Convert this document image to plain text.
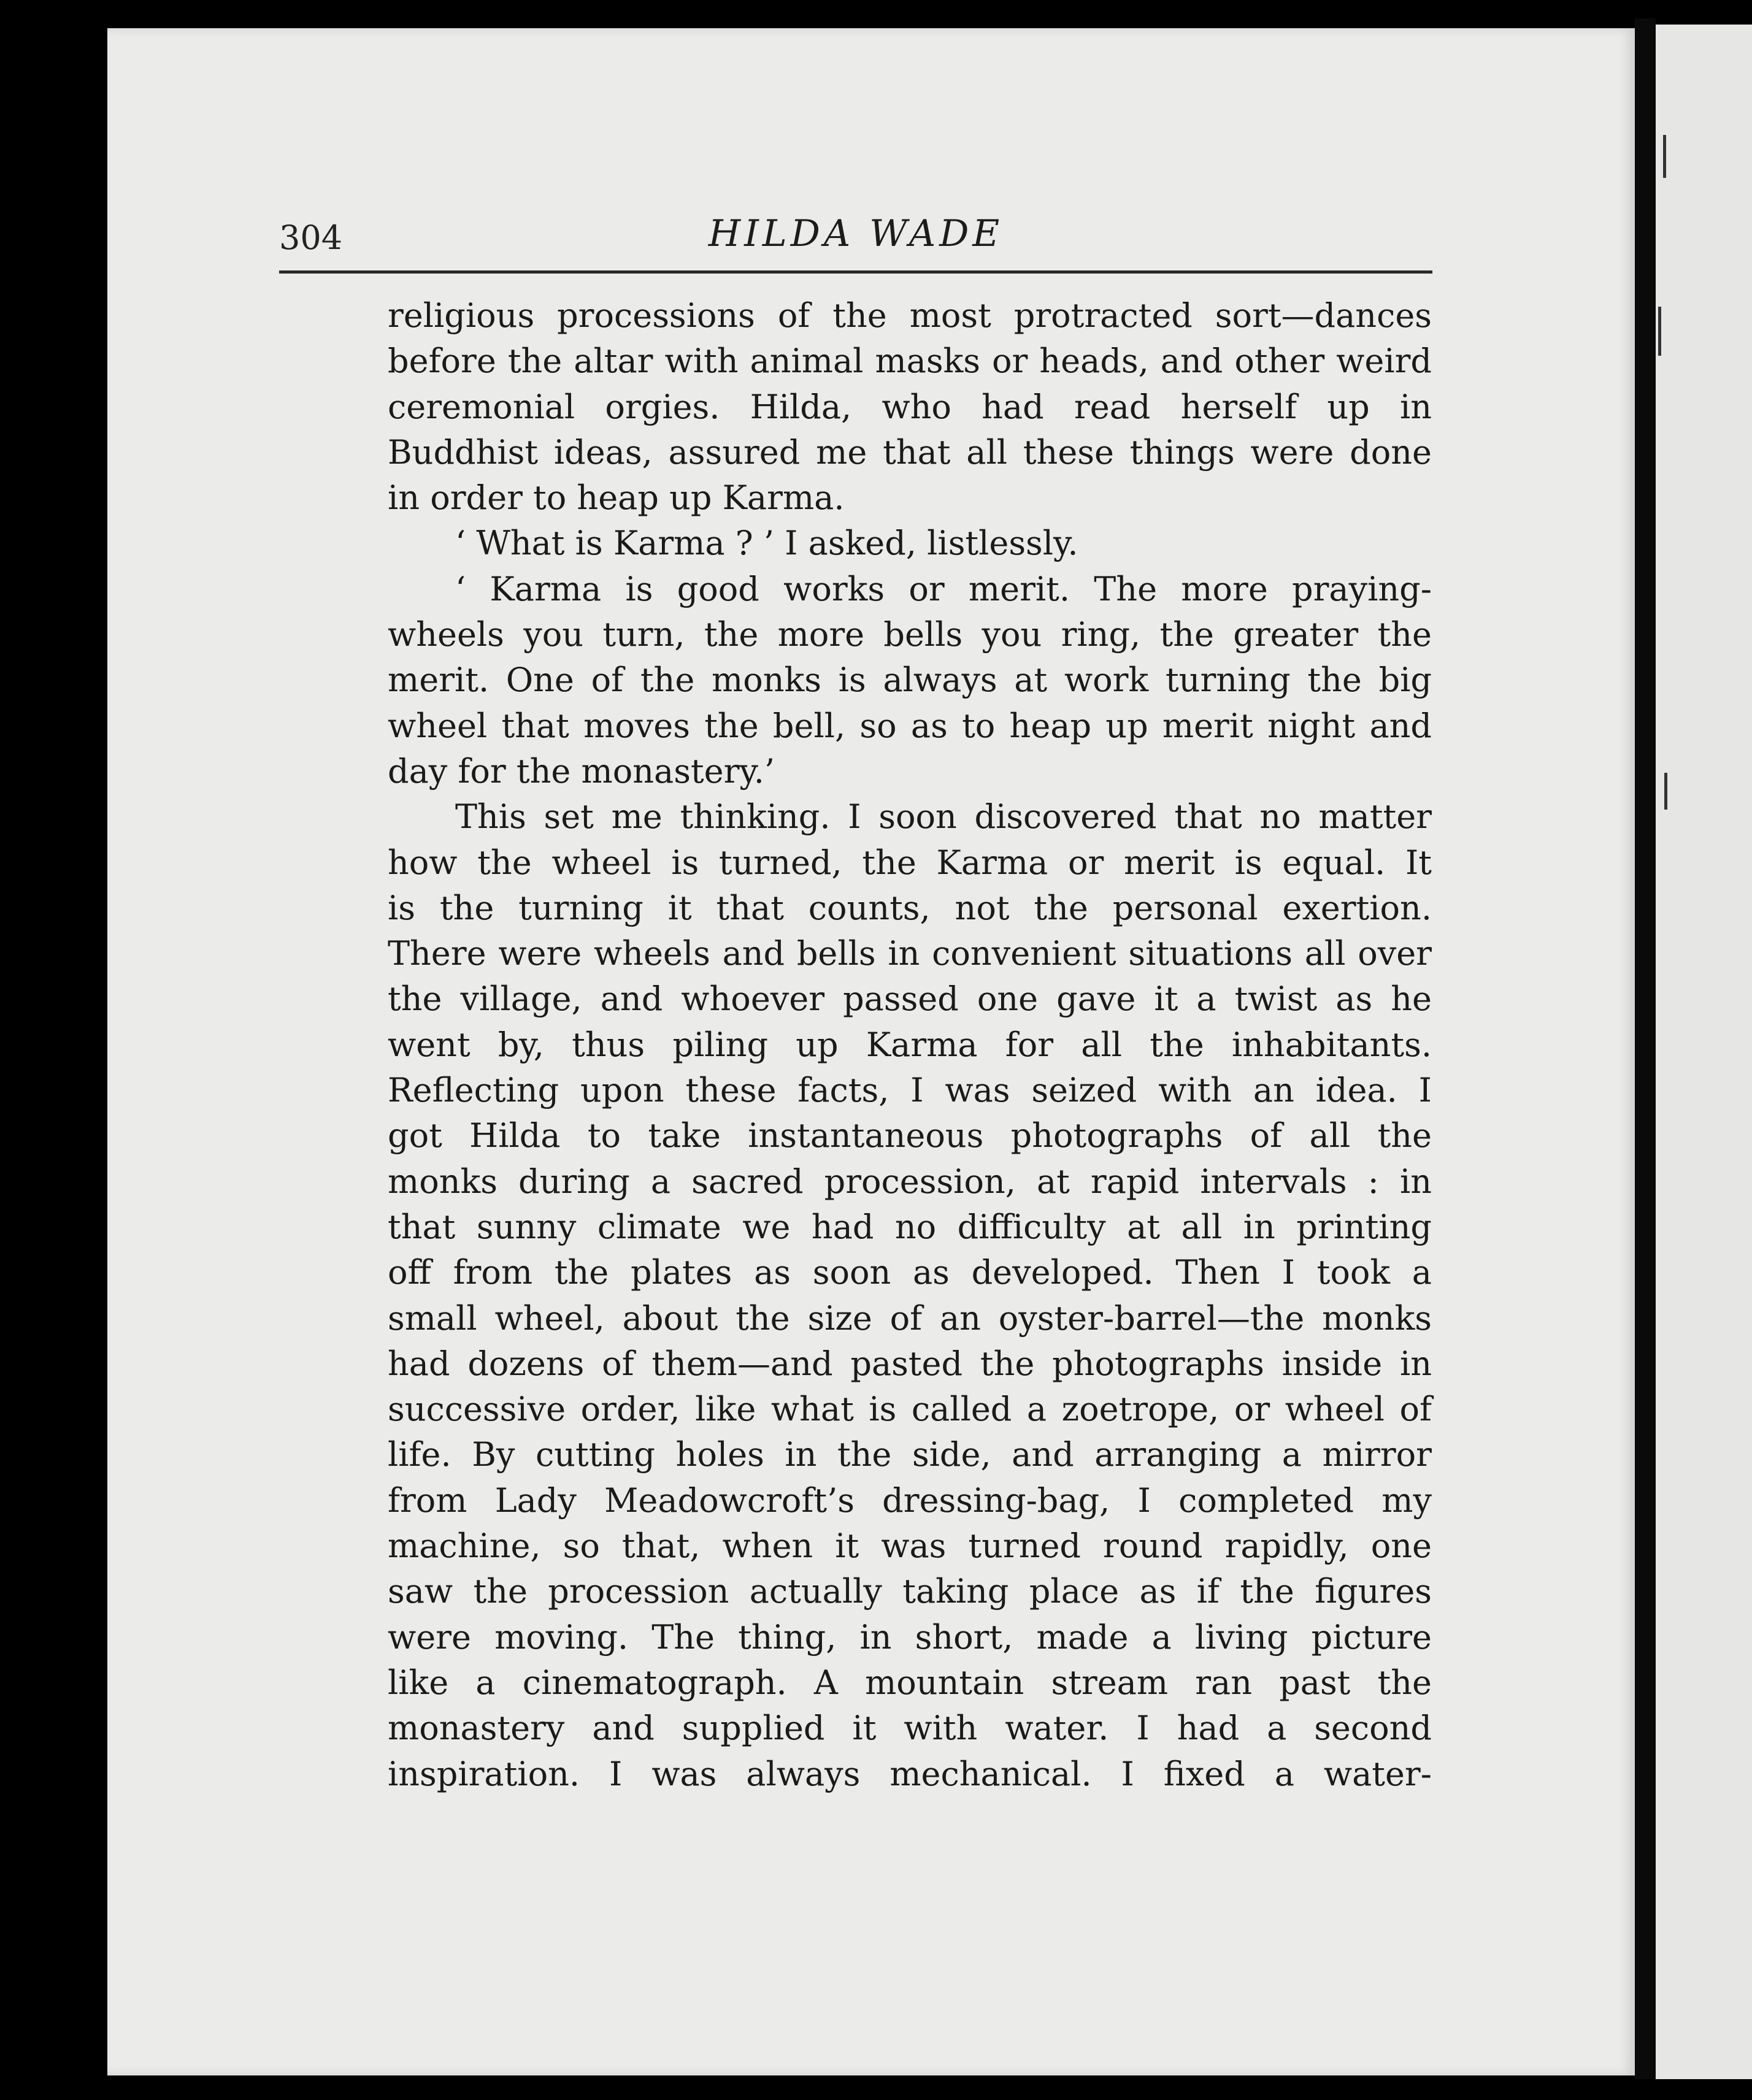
304	HILDA WADE
religious processions of the most protracted sort—dances
before the altar with animal masks or heads, and other weird
ceremonial orgies. Hilda, who had read herself up in
Buddhist ideas, assured me that all these things were done
in order to heap up Karma.
‘ What is Karma ? ’ I asked, listlessly.
‘ Karma is good works or merit. The more praying-
wheels you turn, the more bells you ring, the greater the
merit. One of the monks is always at work turning the big
wheel that moves the bell, so as to heap up merit night and
day for the monastery.’
This set me thinking. I soon discovered that no matter
how the wheel is turned, the Karma or merit is equal. It
is the turning it that counts, not the personal exertion.
There were wheels and bells in convenient situations all over
the village, and whoever passed one gave it a twist as he
went by, thus piling up Karma for all the inhabitants.
Reflecting upon these facts, I was seized with an idea. I
got Hilda to take instantaneous photographs of all the
monks during a sacred procession, at rapid intervals : in
that sunny climate we had no difficulty at all in printing
off from the plates as soon as developed. Then I took a
small wheel, about the size of an oyster-barrel—the monks
had dozens of them—and pasted the photographs inside in
successive order, like what is called a zoetrope, or wheel of
life. By cutting holes in the side, and arranging a mirror
from Lady Meadowcroft’s dressing-bag, I completed my
machine, so that, when it was turned round rapidly, one
saw the procession actually taking place as if the figures
were moving. The thing, in short, made a living picture
like a cinematograph. A mountain stream ran past the
monastery and supplied it with water. I had a second
inspiration. I was always mechanical. I fixed a water-
